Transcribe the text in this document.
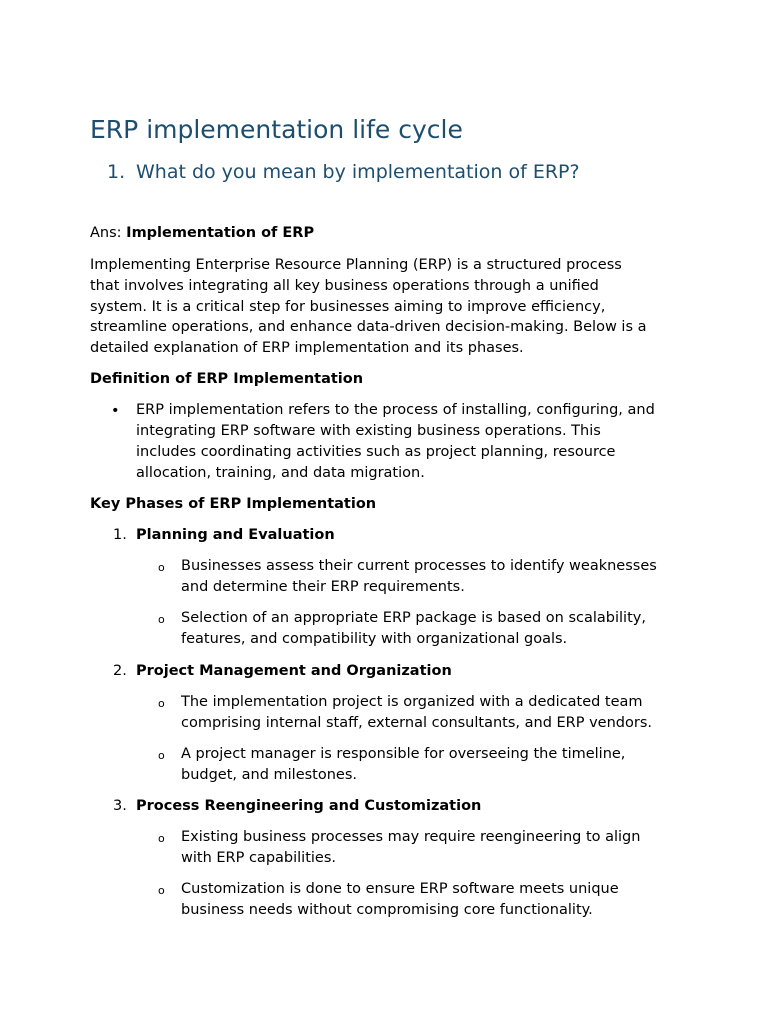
ERP implementation life cycle
1. What do you mean by implementation of ERP?

Ans: Implementation of ERP

Implementing Enterprise Resource Planning (ERP) is a structured process

that involves integrating all key business operations through a unified

system. It is a critical step for businesses aiming to improve efficiency,

streamline operations, and enhance data-driven decision-making. Below is a

detailed explanation of ERP implementation and its phases.

Definition of ERP Implementation

• ERP implementation refers to the process of installing, configuring, and

integrating ERP software with existing business operations. This

includes coordinating activities such as project planning, resource

allocation, training, and data migration.

Key Phases of ERP Implementation

1. Planning and Evaluation

o Businesses assess their current processes to identify weaknesses

and determine their ERP requirements.

o Selection of an appropriate ERP package is based on scalability,

features, and compatibility with organizational goals.

2. Project Management and Organization

o The implementation project is organized with a dedicated team

comprising internal staff, external consultants, and ERP vendors.

o A project manager is responsible for overseeing the timeline,

budget, and milestones.

3. Process Reengineering and Customization

o Existing business processes may require reengineering to align

with ERP capabilities.

o Customization is done to ensure ERP software meets unique

business needs without compromising core functionality.
